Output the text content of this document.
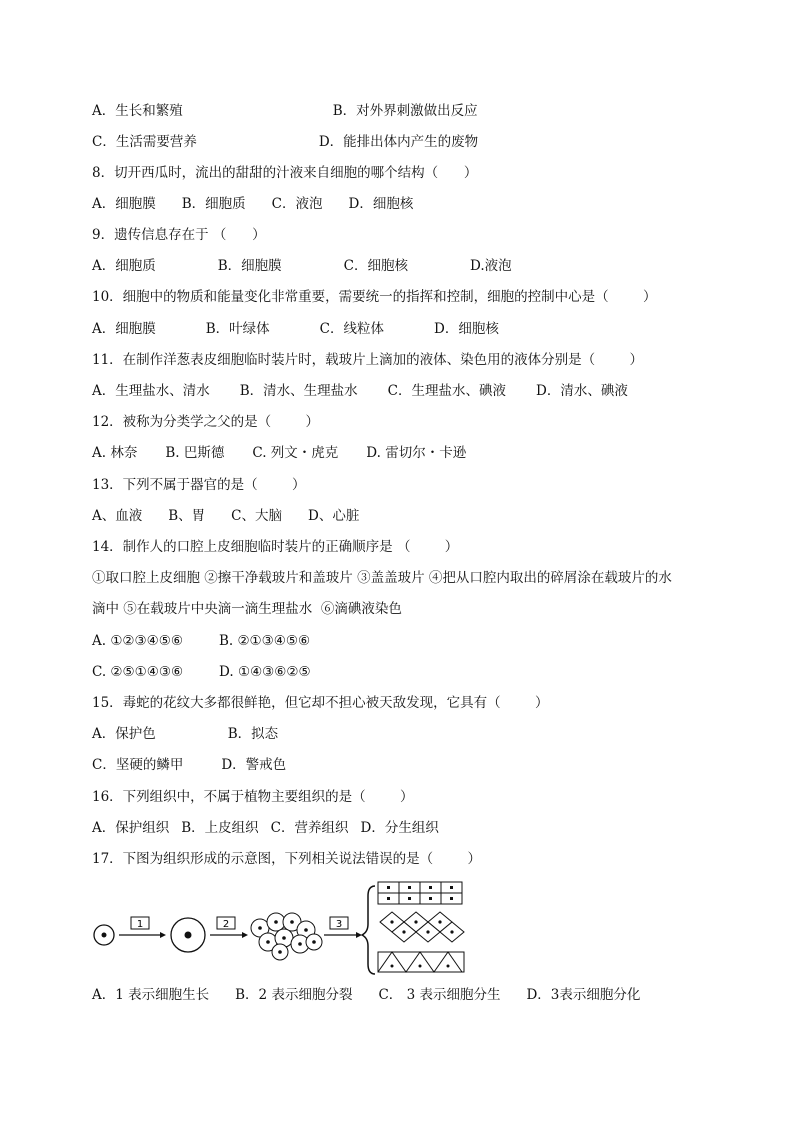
A．生长和繁殖	B．对外界刺激做出反应
C．生活需要营养	D．能排出体内产生的废物
8．切开西瓜时，流出的甜甜的汁液来自细胞的哪个结构（      ）
A．细胞膜 B．细胞质 C．液泡 D．细胞核
9．遗传信息存在于 （      ）
A．细胞质	B．细胞膜	C．细胞核	D.液泡
10．细胞中的物质和能量变化非常重要，需要统一的指挥和控制，细胞的控制中心是（        ）
A．细胞膜	B．叶绿体	C．线粒体	D．细胞核
11．在制作洋葱表皮细胞临时装片时，载玻片上滴加的液体、染色用的液体分别是（        ）
A．生理盐水、清水 B．清水、生理盐水 C．生理盐水、碘液 D．清水、碘液
12．被称为分类学之父的是（        ）
A. 林奈 B. 巴斯德 C. 列文・虎克 D. 雷切尔・卡逊
13．下列不属于器官的是（        ）
A、血液 B、胃 C、大脑 D、心脏
14．制作人的口腔上皮细胞临时装片的正确顺序是 （        ）
①取口腔上皮细胞 ②擦干净载玻片和盖玻片 ③盖盖玻片 ④把从口腔内取出的碎屑涂在载玻片的水
滴中 ⑤在载玻片中央滴一滴生理盐水  ⑥滴碘液染色
A. ①②③④⑤⑥	B. ②①③④⑤⑥
C. ②⑤①④③⑥	D. ①④③⑥②⑤
15．毒蛇的花纹大多都很鲜艳，但它却不担心被天敌发现，它具有（        ）
A．保护色	B．拟态
C．坚硬的鳞甲	D．警戒色
16．下列组织中，不属于植物主要组织的是（        ）
A．保护组织 B．上皮组织 C．营养组织 D．分生组织
17．下图为组织形成的示意图，下列相关说法错误的是（        ）
1	2	3
A．1 表示细胞生长 B．2 表示细胞分裂 C． 3 表示细胞分生 D．3表示细胞分化
